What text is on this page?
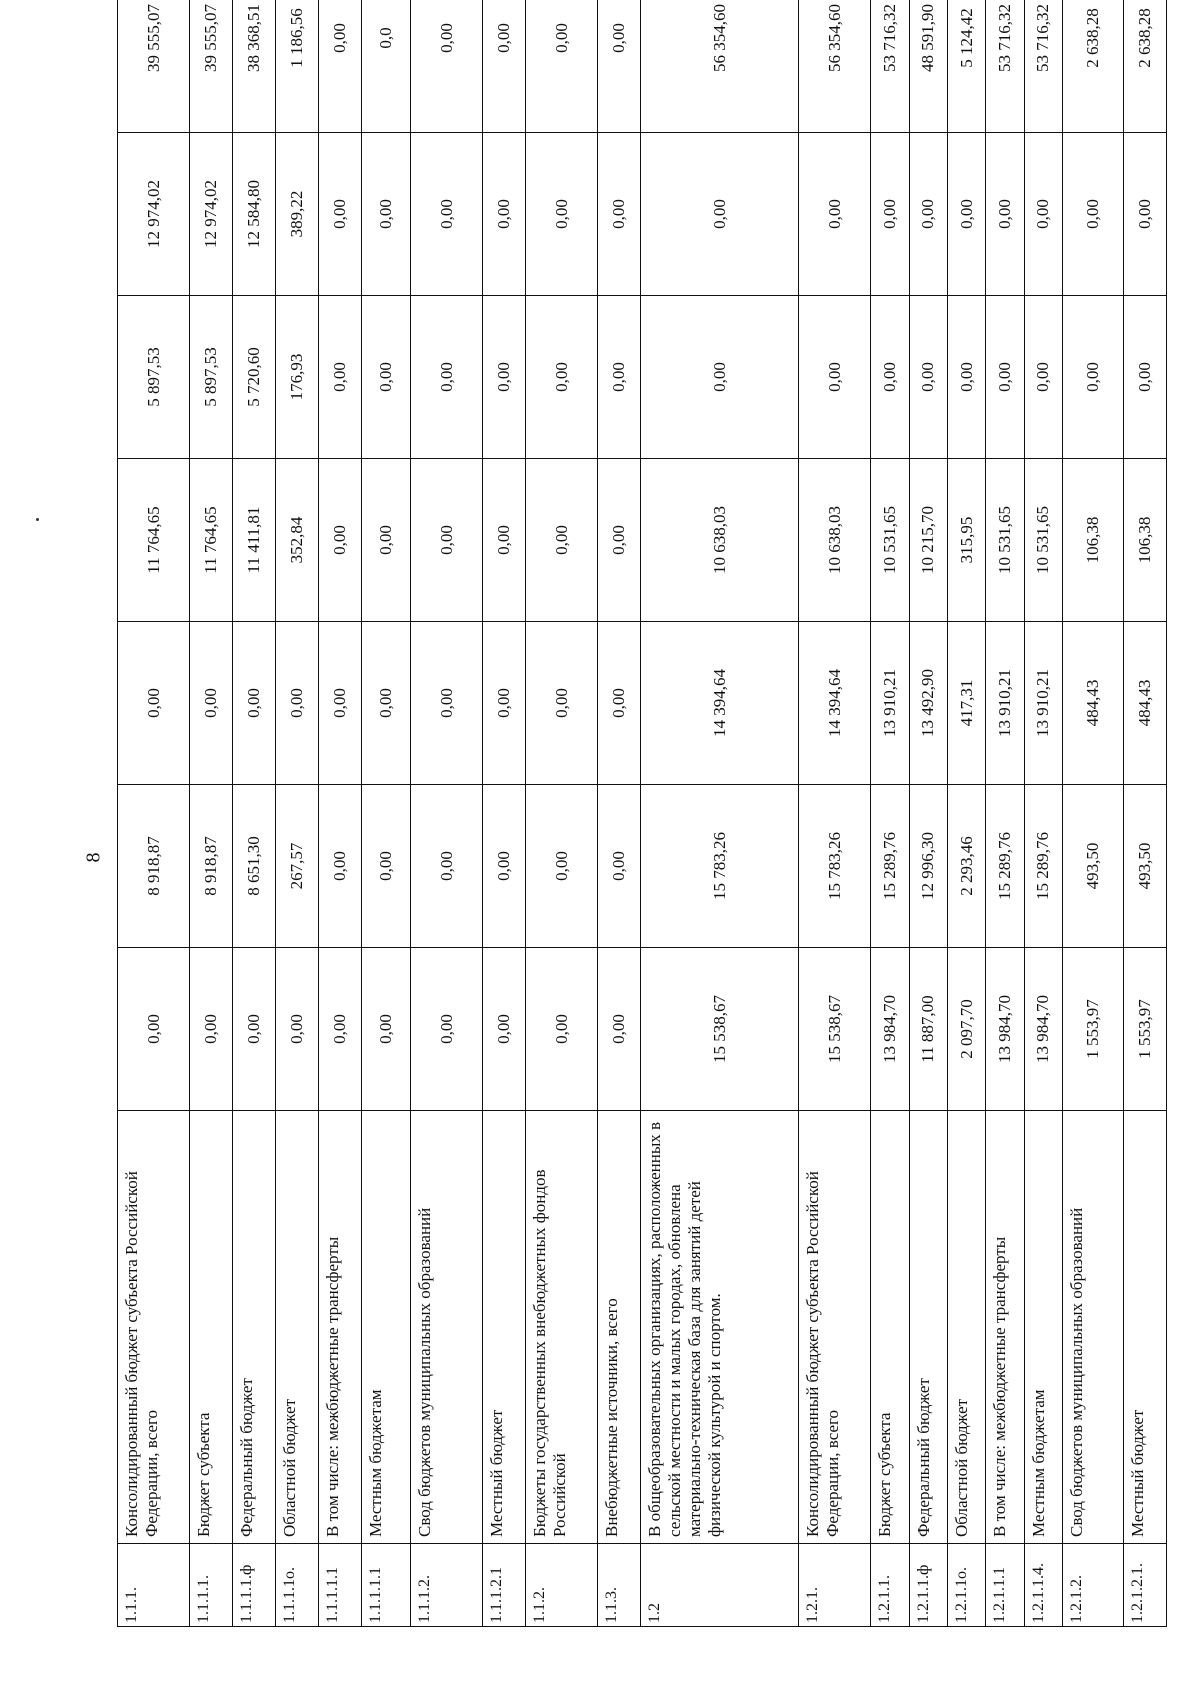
8
1.1.1.	Консолидированный бюджет субъекта Российской Федерации, всего	0,00	8 918,87	0,00	11 764,65	5 897,53	12 974,02	39 555,07
1.1.1.1.	Бюджет субъекта	0,00	8 918,87	0,00	11 764,65	5 897,53	12 974,02	39 555,07
1.1.1.1.ф	Федеральный бюджет	0,00	8 651,30	0,00	11 411,81	5 720,60	12 584,80	38 368,51
1.1.1.1о.	Областной бюджет	0,00	267,57	0,00	352,84	176,93	389,22	1 186,56
1.1.1.1.1	В том числе: межбюджетные трансферты	0,00	0,00	0,00	0,00	0,00	0,00	0,00
1.1.1.1.1	Местным бюджетам	0,00	0,00	0,00	0,00	0,00	0,00	0,0
1.1.1.2.	Свод бюджетов муниципальных образований	0,00	0,00	0,00	0,00	0,00	0,00	0,00
1.1.1.2.1	Местный бюджет	0,00	0,00	0,00	0,00	0,00	0,00	0,00
1.1.2.	Бюджеты государственных внебюджетных фондов Российской	0,00	0,00	0,00	0,00	0,00	0,00	0,00
1.1.3.	Внебюджетные источники, всего	0,00	0,00	0,00	0,00	0,00	0,00	0,00
1.2	В общеобразовательных организациях, расположенных в сельской местности и малых городах, обновлена материально-техническая база для занятий детей физической культурой и спортом.	15 538,67	15 783,26	14 394,64	10 638,03	0,00	0,00	56 354,60
1.2.1.	Консолидированный бюджет субъекта Российской Федерации, всего	15 538,67	15 783,26	14 394,64	10 638,03	0,00	0,00	56 354,60
1.2.1.1.	Бюджет субъекта	13 984,70	15 289,76	13 910,21	10 531,65	0,00	0,00	53 716,32
1.2.1.1.ф	Федеральный бюджет	11 887,00	12 996,30	13 492,90	10 215,70	0,00	0,00	48 591,90
1.2.1.1о.	Областной бюджет	2 097,70	2 293,46	417,31	315,95	0,00	0,00	5 124,42
1.2.1.1.1	В том числе: межбюджетные трансферты	13 984,70	15 289,76	13 910,21	10 531,65	0,00	0,00	53 716,32
1.2.1.1.4.	Местным бюджетам	13 984,70	15 289,76	13 910,21	10 531,65	0,00	0,00	53 716,32
1.2.1.2.	Свод бюджетов муниципальных образований	1 553,97	493,50	484,43	106,38	0,00	0,00	2 638,28
1.2.1.2.1.	Местный бюджет	1 553,97	493,50	484,43	106,38	0,00	0,00	2 638,28
